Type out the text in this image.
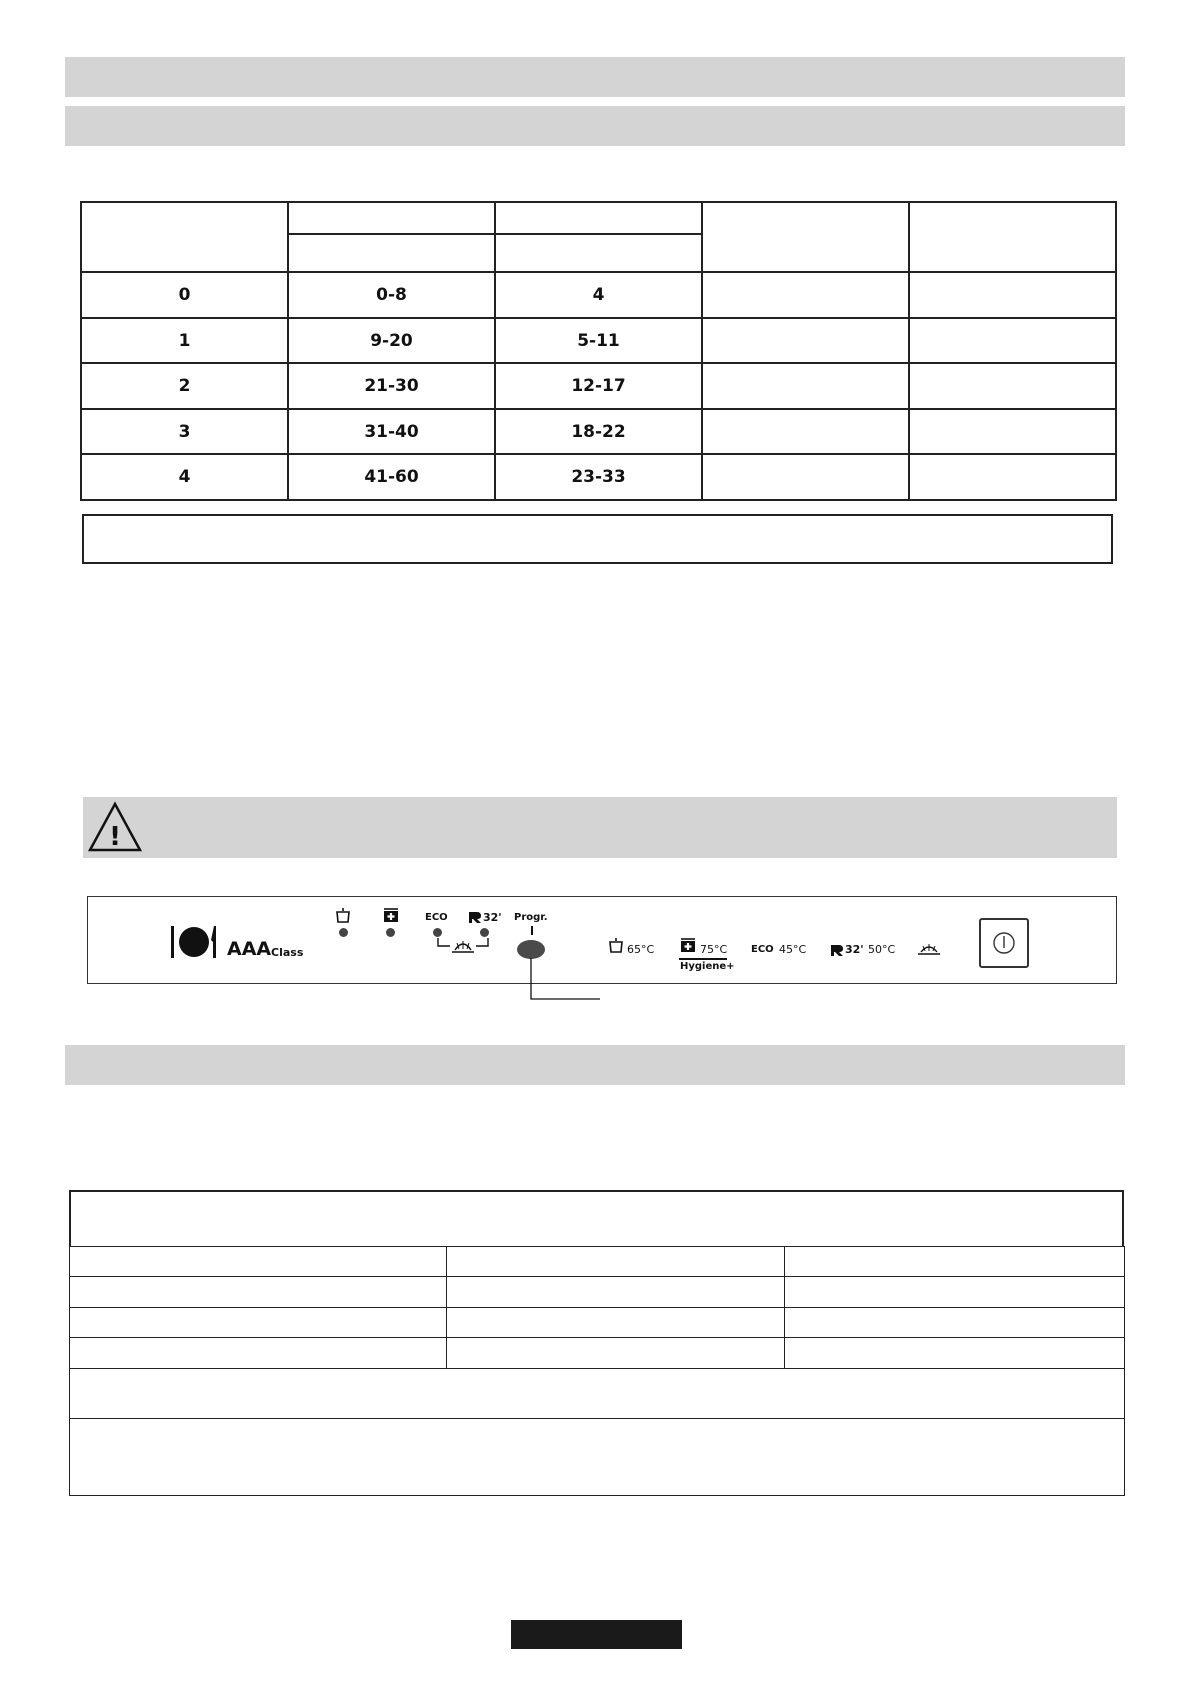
0	0-8	4		
1	9-20	5-11		
2	21-30	12-17		
3	31-40	18-22		
4	41-60	23-33		
!
AAA Class
ECO	32' Progr.
65°C	75°C
Hygiene+
ECO 45°C	32' 50°C
